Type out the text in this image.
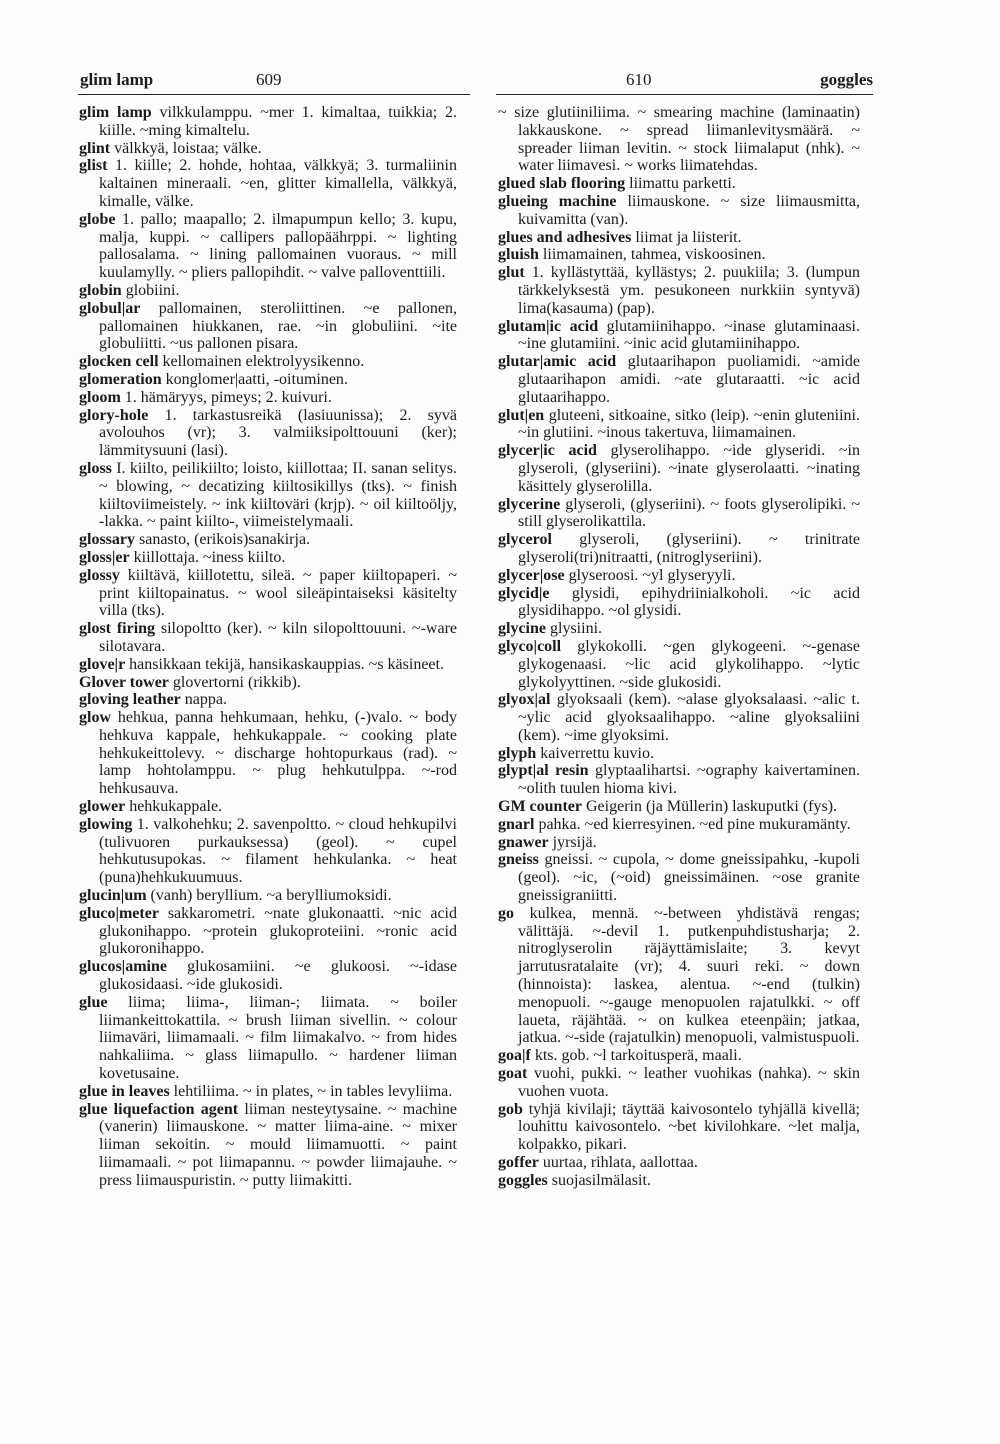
glim lamp	609	610	goggles

glim lamp vilkkulamppu. ~mer 1. kimaltaa, tuikkia; 2. kiille. ~ming kimaltelu.

glint välkkyä, loistaa; välke.

glist 1. kiille; 2. hohde, hohtaa, välkkyä; 3. turmaliinin kaltainen mineraali. ~en, glitter kimallella, välkkyä, kimalle, välke.

globe 1. pallo; maapallo; 2. ilmapumpun kello; 3. kupu, malja, kuppi. ~ callipers pallopäährppi. ~ lighting pallosalama. ~ lining pallomainen vuoraus. ~ mill kuulamylly. ~ pliers pallopihdit. ~ valve palloventtiili.

globin globiini.

globul|ar pallomainen, steroliittinen. ~e pallonen, pallomainen hiukkanen, rae. ~in globuliini. ~ite globuliitti. ~us pallonen pisara.

glocken cell kellomainen elektrolyysikenno.

glomeration konglomer|aatti, -oituminen.

gloom 1. hämäryys, pimeys; 2. kuivuri.

glory-hole 1. tarkastusreikä (lasiuunissa); 2. syvä avolouhos (vr); 3. valmiiksipolttouuni (ker); lämmitysuuni (lasi).

gloss I. kiilto, peilikiilto; loisto, kiillottaa; II. sanan selitys. ~ blowing, ~ decatizing kiiltosikillys (tks). ~ finish kiiltoviimeistely. ~ ink kiiltoväri (krjp). ~ oil kiiltoöljy, -lakka. ~ paint kiilto-, viimeistelymaali.

glossary sanasto, (erikois)sanakirja.

gloss|er kiillottaja. ~iness kiilto.

glossy kiiltävä, kiillotettu, sileä. ~ paper kiiltopaperi. ~ print kiiltopainatus. ~ wool sileäpintaiseksi käsitelty villa (tks).

glost firing silopoltto (ker). ~ kiln silopolttouuni. ~-ware silotavara.

glove|r hansikkaan tekijä, hansikaskauppias. ~s käsineet.

Glover tower glovertorni (rikkib).

gloving leather nappa.

glow hehkua, panna hehkumaan, hehku, (-)valo. ~ body hehkuva kappale, hehkukappale. ~ cooking plate hehkukeittolevy. ~ discharge hohtopurkaus (rad). ~ lamp hohtolamppu. ~ plug hehkutulppa. ~-rod hehkusauva.

glower hehkukappale.

glowing 1. valkohehku; 2. savenpoltto. ~ cloud hehkupilvi (tulivuoren purkauksessa) (geol). ~ cupel hehkutusupokas. ~ filament hehkulanka. ~ heat (puna)hehkukuumuus.

glucin|um (vanh) beryllium. ~a berylliumoksidi.

gluco|meter sakkarometri. ~nate glukonaatti. ~nic acid glukonihappo. ~protein glukoproteiini. ~ronic acid glukoronihappo.

glucos|amine glukosamiini. ~e glukoosi. ~-idase glukosidaasi. ~ide glukosidi.

glue liima; liima-, liiman-; liimata. ~ boiler liimankeittokattila. ~ brush liiman sivellin. ~ colour liimaväri, liimamaali. ~ film liimakalvo. ~ from hides nahkaliima. ~ glass liimapullo. ~ hardener liiman kovetusaine.

glue in leaves lehtiliima. ~ in plates, ~ in tables levyliima.

glue liquefaction agent liiman nesteytysaine. ~ machine (vanerin) liimauskone. ~ matter liima-aine. ~ mixer liiman sekoitin. ~ mould liimamuotti. ~ paint liimamaali. ~ pot liimapannu. ~ powder liimajauhe. ~ press liimauspuristin. ~ putty liimakitti.

~ size glutiiniliima. ~ smearing machine (laminaatin) lakkauskone. ~ spread liimanlevitysmäärä. ~ spreader liiman levitin. ~ stock liimalaput (nhk). ~ water liimavesi. ~ works liimatehdas.

glued slab flooring liimattu parketti.

glueing machine liimauskone. ~ size liimausmitta, kuivamitta (van).

glues and adhesives liimat ja liisterit.

gluish liimamainen, tahmea, viskoosinen.

glut 1. kyllästyttää, kyllästys; 2. puukiila; 3. (lumpun tärkkelyksestä ym. pesukoneen nurkkiin syntyvä) lima(kasauma) (pap).

glutam|ic acid glutamiinihappo. ~inase glutaminaasi. ~ine glutamiini. ~inic acid glutamiinihappo.

glutar|amic acid glutaarihapon puoliamidi. ~amide glutaarihapon amidi. ~ate glutaraatti. ~ic acid glutaarihappo.

glut|en gluteeni, sitkoaine, sitko (leip). ~enin gluteniini. ~in glutiini. ~inous takertuva, liimamainen.

glycer|ic acid glyserolihappo. ~ide glyseridi. ~in glyseroli, (glyseriini). ~inate glyserolaatti. ~inating käsittely glyserolilla.

glycerine glyseroli, (glyseriini). ~ foots glyserolipiki. ~ still glyserolikattila.

glycerol glyseroli, (glyseriini). ~ trinitrate glyseroli(tri)nitraatti, (nitroglyseriini).

glycer|ose glyseroosi. ~yl glyseryyli.

glycid|e glysidi, epihydriinialkoholi. ~ic acid glysidihappo. ~ol glysidi.

glycine glysiini.

glyco|coll glykokolli. ~gen glykogeeni. ~-genase glykogenaasi. ~lic acid glykolihappo. ~lytic glykolyyttinen. ~side glukosidi.

glyox|al glyoksaali (kem). ~alase glyoksalaasi. ~alic t. ~ylic acid glyoksaalihappo. ~aline glyoksaliini (kem). ~ime glyoksimi.

glyph kaiverrettu kuvio.

glypt|al resin glyptaalihartsi. ~ography kaivertaminen. ~olith tuulen hioma kivi.

GM counter Geigerin (ja Müllerin) laskuputki (fys).

gnarl pahka. ~ed kierresyinen. ~ed pine mukuramänty.

gnawer jyrsijä.

gneiss gneissi. ~ cupola, ~ dome gneissipahku, -kupoli (geol). ~ic, (~oid) gneissimäinen. ~ose granite gneissigraniitti.

go kulkea, mennä. ~-between yhdistävä rengas; välittäjä. ~-devil 1. putkenpuhdistusharja; 2. nitroglyserolin räjäyttämislaite; 3. kevyt jarrutusratalaite (vr); 4. suuri reki. ~ down (hinnoista): laskea, alentua. ~-end (tulkin) menopuoli. ~-gauge menopuolen rajatulkki. ~ off laueta, räjähtää. ~ on kulkea eteenpäin; jatkaa, jatkua. ~-side (rajatulkin) menopuoli, valmistuspuoli.

goa|f kts. gob. ~l tarkoitusperä, maali.

goat vuohi, pukki. ~ leather vuohikas (nahka). ~ skin vuohen vuota.

gob tyhjä kivilaji; täyttää kaivosontelo tyhjällä kivellä; louhittu kaivosontelo. ~bet kivilohkare. ~let malja, kolpakko, pikari.

goffer uurtaa, rihlata, aallottaa.

goggles suojasilmälasit.
